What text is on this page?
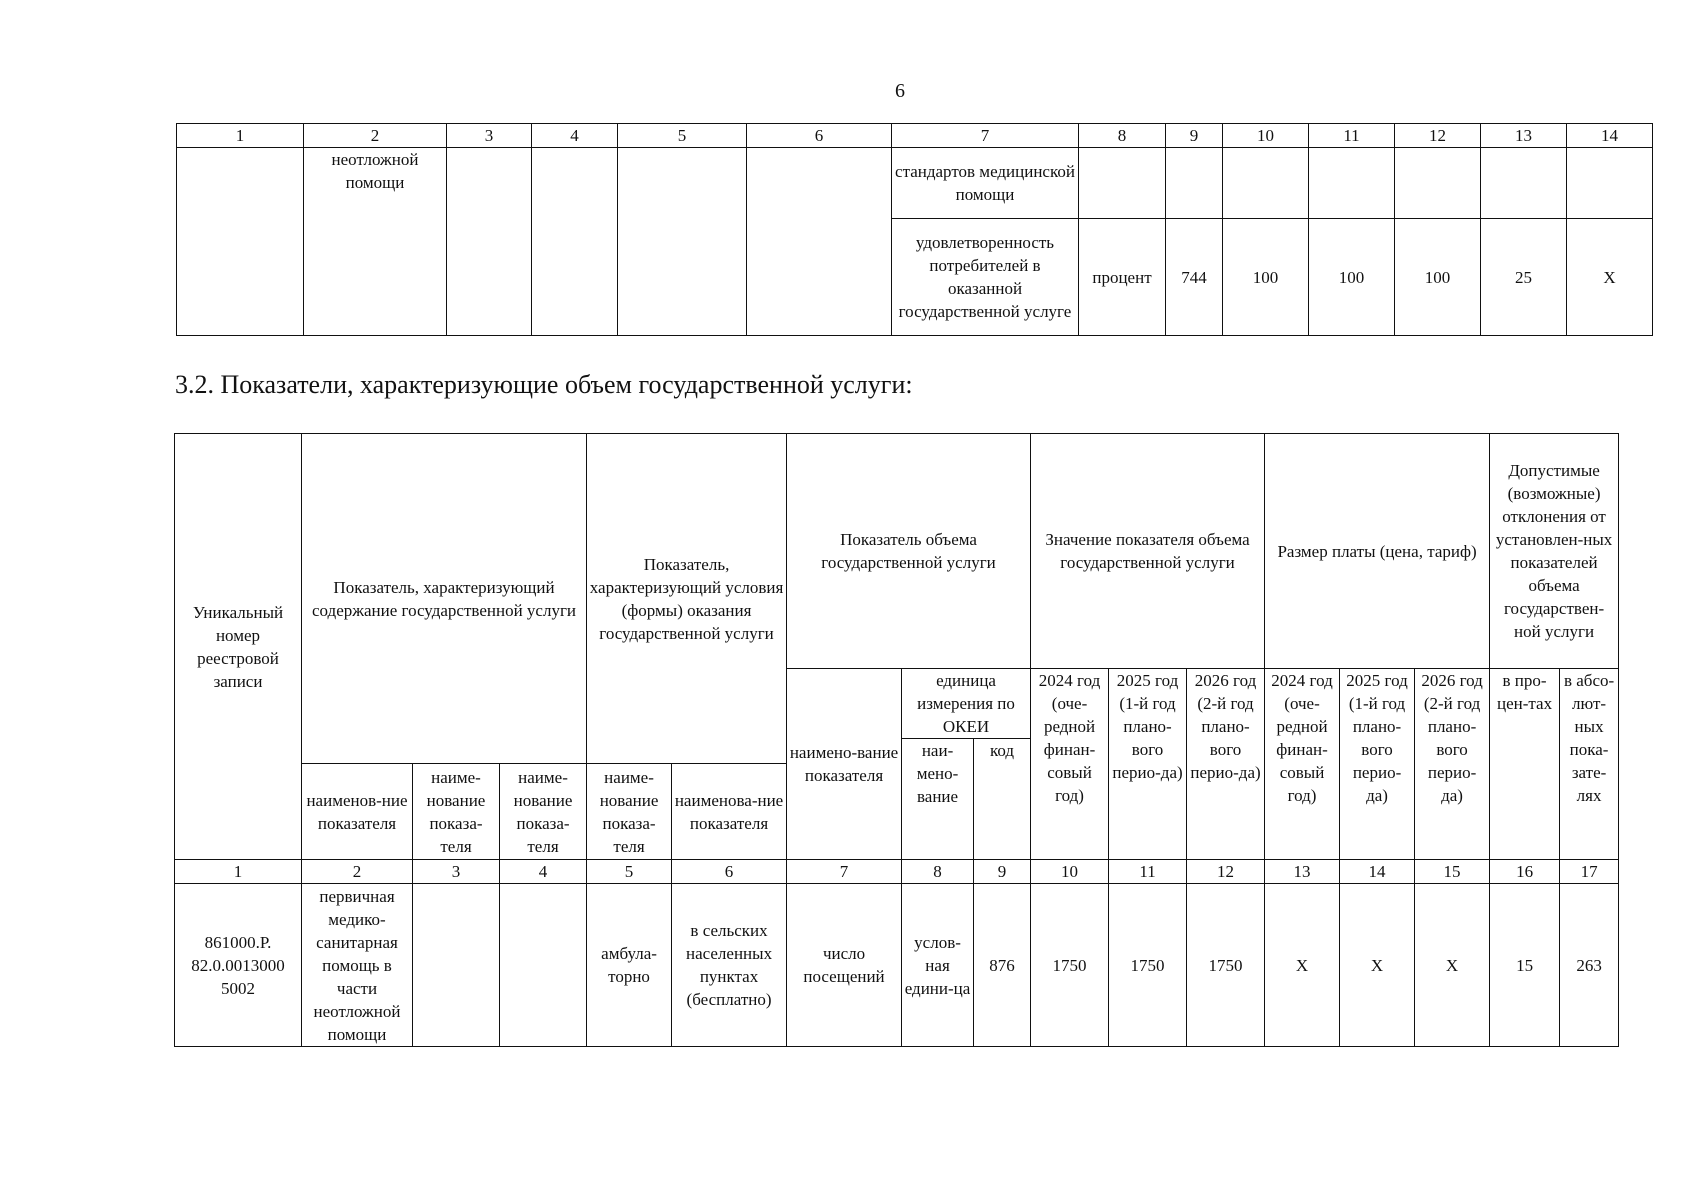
6
1	2	3	4	5	6	7	8	9	10	11	12	13	14
	неотложной помощи					стандартов медицинской помощи							
						удовлетворенность потребителей в оказанной государственной услуге	процент	744	100	100	100	25	X
3.2. Показатели, характеризующие объем государственной услуги:
Уникальный номер реестровой записи	Показатель, характеризующий содержание государственной услуги			Показатель, характеризующий условия (формы) оказания государственной услуги		Показатель объема государственной услуги			Значение показателя объема государственной услуги			Размер платы (цена, тариф)			Допустимые (возможные) отклонения от установлен-ных показателей объема государствен-ной услуги	
						наимено-вание показателя	единица измерения по ОКЕИ		2024 год (оче-редной финан-совый год)	2025 год (1-й год плано-вого перио-да)	2026 год (2-й год плано-вого перио-да)	2024 год (оче-редной финан-совый год)	2025 год (1-й год плано-вого перио-да)	2026 год (2-й год плано-вого перио-да)	в про-цен-тах	в абсо-лют-ных пока-зате-лях
							наи-мено-вание	код								
	наименов-ние показателя	наиме-нование показа-теля	наиме-нование показа-теля	наиме-нование показа-теля	наименова-ние показателя											
1	2	3	4	5	6	7	8	9	10	11	12	13	14	15	16	17
861000.Р. 82.0.0013000 5002	первичная медико-санитарная помощь в части неотложной помощи			амбула-торно	в сельских населенных пунктах (бесплатно)	число посещений	услов-ная едини-ца	876	1750	1750	1750	X	X	X	15	263
